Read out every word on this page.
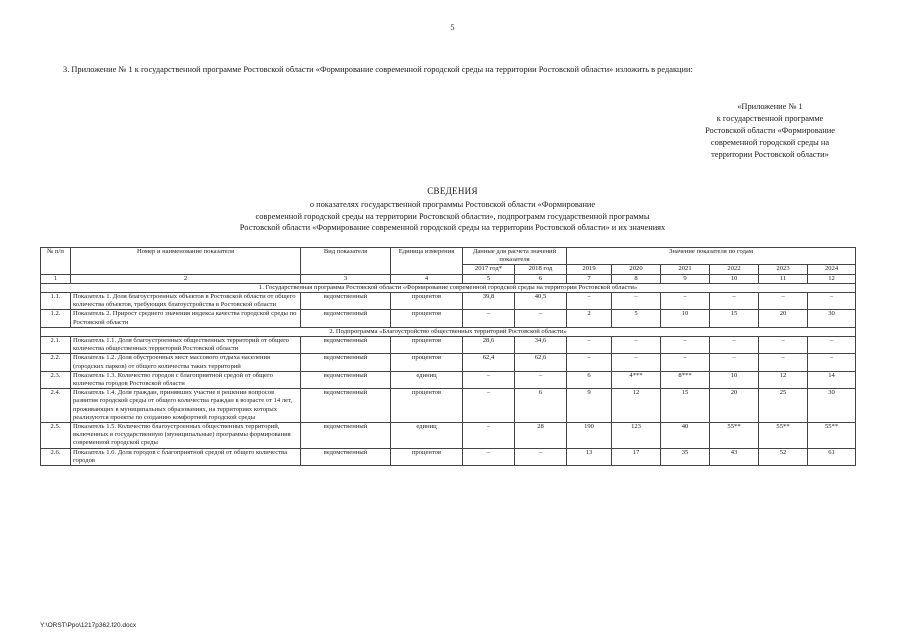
5
3. Приложение № 1 к государственной программе Ростовской области «Формирование современной городской среды на территории Ростовской области» изложить в редакции:
«Приложение № 1
к государственной программе
Ростовской области «Формирование
современной городской среды на
территории Ростовской области»
СВЕДЕНИЯ
о показателях государственной программы Ростовской области «Формирование
современной городской среды на территории Ростовской области», подпрограмм государственной программы
Ростовской области «Формирование современной городской среды на территории Ростовской области» и их значениях
№ п/п	Номер и наименование показателя	Вид показателя	Единица измерения	Данные для расчета значений показателя		Значение показателя по годам					
				2017 год*	2018 год	2019	2020	2021	2022	2023	2024
1	2	3	4	5	6	7	8	9	10	11	12
1. Государственная программа Ростовской области «Формирование современной городской среды на территории Ростовской области»											
1.1.	Показатель 1. Доля благоустроенных объектов в Ростовской области от общего количества объектов, требующих благоустройства в Ростовской области	ведомственный	процентов	39,8	40,5	–	–	–	–	–	–
1.2.	Показатель 2. Прирост среднего значения индекса качества городской среды по Ростовской области	ведомственный	процентов	–	–	2	5	10	15	20	30
2. Подпрограмма «Благоустройство общественных территорий Ростовской области»											
2.1.	Показатель 1.1. Доля благоустроенных общественных территорий от общего количества общественных территорий Ростовской области	ведомственный	процентов	28,6	34,6	–	–	–	–	–	–
2.2.	Показатель 1.2. Доля обустроенных мест массового отдыха населения (городских парков) от общего количества таких территорий	ведомственный	процентов	62,4	62,6	–	–	–	–	–	–
2.3.	Показатель 1.3. Количество городов с благоприятной средой от общего количества городов Ростовской области	ведомственный	единиц	–	–	6	4***	8***	10	12	14
2.4.	Показатель 1.4. Доля граждан, принявших участие в решении вопросов развития городской среды от общего количества граждан в возрасте от 14 лет, проживающих в муниципальных образованиях, на территориях которых реализуются проекты по созданию комфортной городской среды	ведомственный	процентов	–	6	9	12	15	20	25	30
2.5.	Показатель 1.5. Количество благоустроенных общественных территорий, включенных в государственную (муниципальные) программы формирования современной городской среды	ведомственный	единиц	–	28	190	123	40	55**	55**	55**
2.6.	Показатель 1.6. Доля городов с благоприятной средой от общего количества городов	ведомственный	процентов	–	–	13	17	35	43	52	61
Y:\ORST\Ppo\1217p362.f20.docx
